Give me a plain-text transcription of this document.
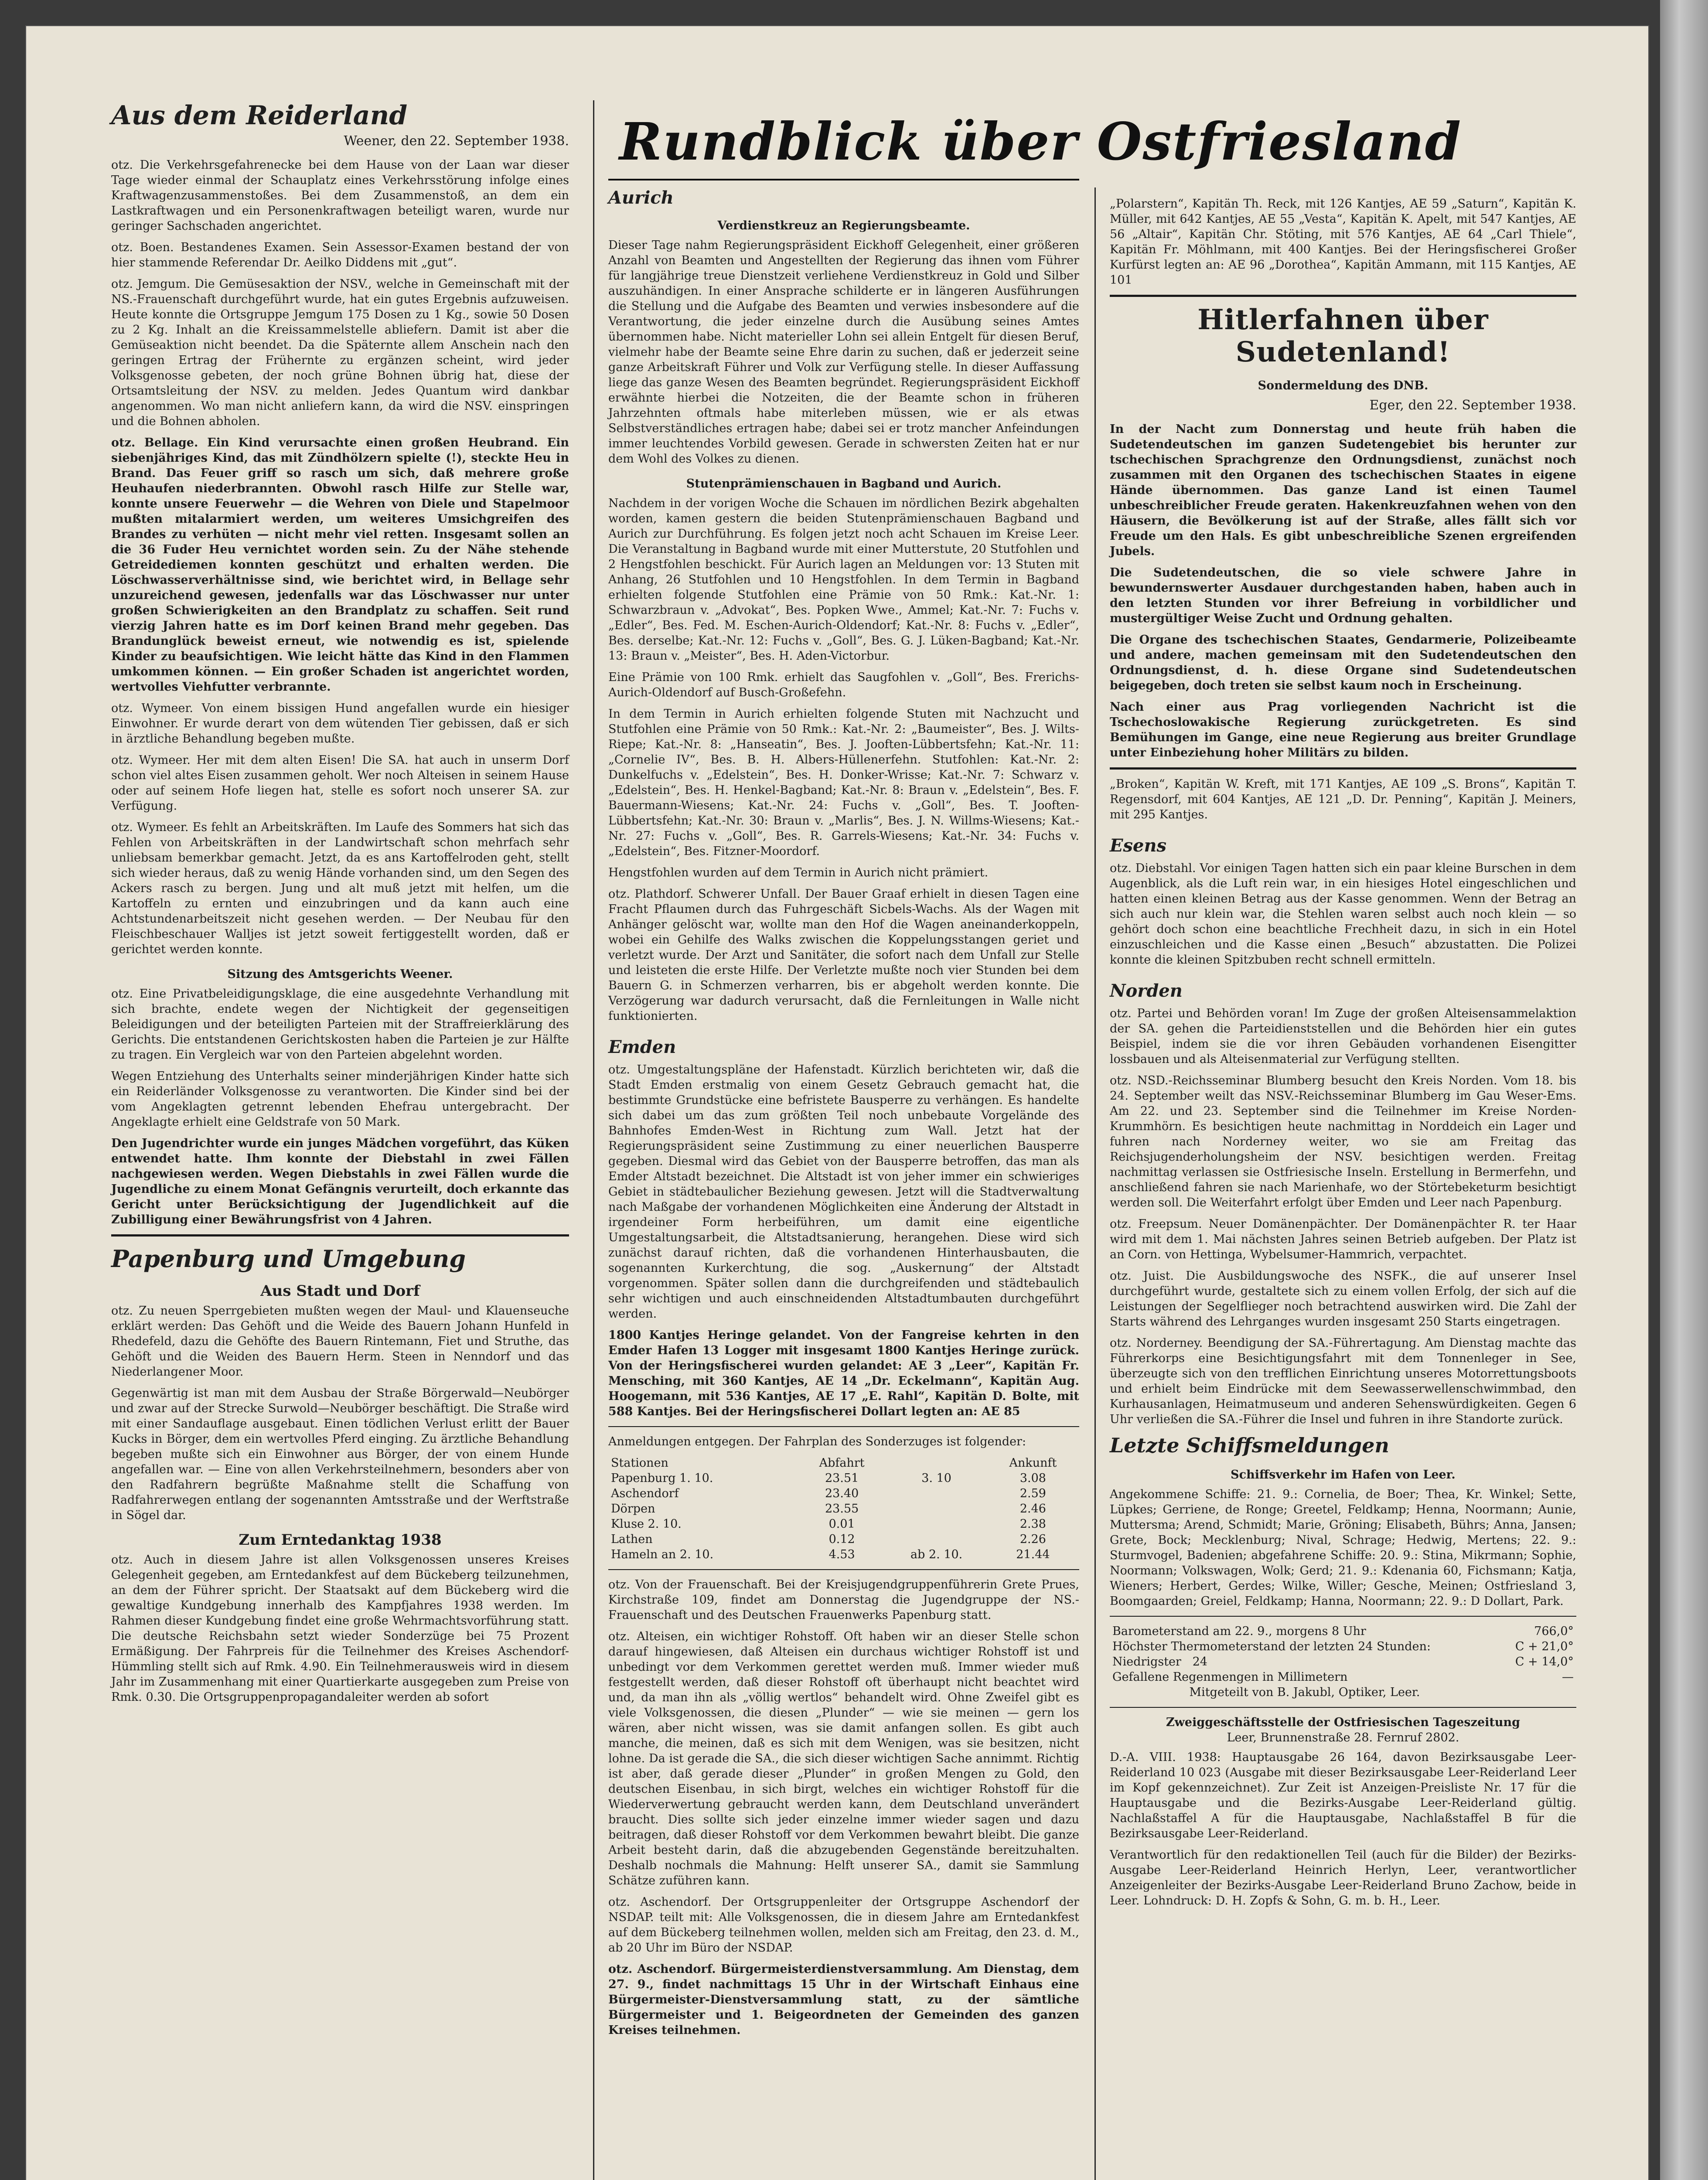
Rundblick über Ostfriesland
Aus dem Reiderland
Weener, den 22. September 1938.

otz. Die Verkehrsgefahrenecke bei dem Hause von der Laan war dieser Tage wieder einmal der Schauplatz eines Verkehrsstörung infolge eines Kraftwagenzusammenstoßes. Bei dem Zusammenstoß, an dem ein Lastkraftwagen und ein Personenkraftwagen beteiligt waren, wurde nur geringer Sachschaden angerichtet.

otz. Boen. Bestandenes Examen. Sein Assessor-Examen bestand der von hier stammende Referendar Dr. Aeilko Diddens mit „gut“.

otz. Jemgum. Die Gemüsesaktion der NSV., welche in Gemeinschaft mit der NS.-Frauenschaft durchgeführt wurde, hat ein gutes Ergebnis aufzuweisen. Heute konnte die Ortsgruppe Jemgum 175 Dosen zu 1 Kg., sowie 50 Dosen zu 2 Kg. Inhalt an die Kreissammelstelle abliefern. Damit ist aber die Gemüseaktion nicht beendet. Da die Späternte allem Anschein nach den geringen Ertrag der Frühernte zu ergänzen scheint, wird jeder Volksgenosse gebeten, der noch grüne Bohnen übrig hat, diese der Ortsamtsleitung der NSV. zu melden. Jedes Quantum wird dankbar angenommen. Wo man nicht anliefern kann, da wird die NSV. einspringen und die Bohnen abholen.

otz. Bellage. Ein Kind verursachte einen großen Heubrand. Ein siebenjähriges Kind, das mit Zündhölzern spielte (!), steckte Heu in Brand. Das Feuer griff so rasch um sich, daß mehrere große Heuhaufen niederbrannten. Obwohl rasch Hilfe zur Stelle war, konnte unsere Feuerwehr — die Wehren von Diele und Stapelmoor mußten mitalarmiert werden, um weiteres Umsichgreifen des Brandes zu verhüten — nicht mehr viel retten. Insgesamt sollen an die 36 Fuder Heu vernichtet worden sein. Zu der Nähe stehende Getreidediemen konnten geschützt und erhalten werden. Die Löschwasserverhältnisse sind, wie berichtet wird, in Bellage sehr unzureichend gewesen, jedenfalls war das Löschwasser nur unter großen Schwierigkeiten an den Brandplatz zu schaffen. Seit rund vierzig Jahren hatte es im Dorf keinen Brand mehr gegeben. Das Brandunglück beweist erneut, wie notwendig es ist, spielende Kinder zu beaufsichtigen. Wie leicht hätte das Kind in den Flammen umkommen können. — Ein großer Schaden ist angerichtet worden, wertvolles Viehfutter verbrannte.

otz. Wymeer. Von einem bissigen Hund angefallen wurde ein hiesiger Einwohner. Er wurde derart von dem wütenden Tier gebissen, daß er sich in ärztliche Behandlung begeben mußte.

otz. Wymeer. Her mit dem alten Eisen! Die SA. hat auch in unserm Dorf schon viel altes Eisen zusammen geholt. Wer noch Alteisen in seinem Hause oder auf seinem Hofe liegen hat, stelle es sofort noch unserer SA. zur Verfügung.

otz. Wymeer. Es fehlt an Arbeitskräften. Im Laufe des Sommers hat sich das Fehlen von Arbeitskräften in der Landwirtschaft schon mehrfach sehr unliebsam bemerkbar gemacht. Jetzt, da es ans Kartoffelroden geht, stellt sich wieder heraus, daß zu wenig Hände vorhanden sind, um den Segen des Ackers rasch zu bergen. Jung und alt muß jetzt mit helfen, um die Kartoffeln zu ernten und einzubringen und da kann auch eine Achtstundenarbeitszeit nicht gesehen werden. — Der Neubau für den Fleischbeschauer Walljes ist jetzt soweit fertiggestellt worden, daß er gerichtet werden konnte.

Sitzung des Amtsgerichts Weener.

otz. Eine Privatbeleidigungsklage, die eine ausgedehnte Verhandlung mit sich brachte, endete wegen der Nichtigkeit der gegenseitigen Beleidigungen und der beteiligten Parteien mit der Straffreierklärung des Gerichts. Die entstandenen Gerichtskosten haben die Parteien je zur Hälfte zu tragen. Ein Vergleich war von den Parteien abgelehnt worden.

Wegen Entziehung des Unterhalts seiner minderjährigen Kinder hatte sich ein Reiderländer Volksgenosse zu verantworten. Die Kinder sind bei der vom Angeklagten getrennt lebenden Ehefrau untergebracht. Der Angeklagte erhielt eine Geldstrafe von 50 Mark.

Den Jugendrichter wurde ein junges Mädchen vorgeführt, das Küken entwendet hatte. Ihm konnte der Diebstahl in zwei Fällen nachgewiesen werden. Wegen Diebstahls in zwei Fällen wurde die Jugendliche zu einem Monat Gefängnis verurteilt, doch erkannte das Gericht unter Berücksichtigung der Jugendlichkeit auf die Zubilligung einer Bewährungsfrist von 4 Jahren.

Papenburg und Umgebung
Aus Stadt und Dorf

otz. Zu neuen Sperrgebieten mußten wegen der Maul- und Klauenseuche erklärt werden: Das Gehöft und die Weide des Bauern Johann Hunfeld in Rhedefeld, dazu die Gehöfte des Bauern Rintemann, Fiet und Struthe, das Gehöft und die Weiden des Bauern Herm. Steen in Nenndorf und das Niederlangener Moor.

Gegenwärtig ist man mit dem Ausbau der Straße Börgerwald—Neubörger und zwar auf der Strecke Surwold—Neubörger beschäftigt. Die Straße wird mit einer Sandauflage ausgebaut. Einen tödlichen Verlust erlitt der Bauer Kucks in Börger, dem ein wertvolles Pferd einging. Zu ärztliche Behandlung begeben mußte sich ein Einwohner aus Börger, der von einem Hunde angefallen war. — Eine von allen Verkehrsteilnehmern, besonders aber von den Radfahrern begrüßte Maßnahme stellt die Schaffung von Radfahrerwegen entlang der sogenannten Amtsstraße und der Werftstraße in Sögel dar.

Zum Erntedanktag 1938

otz. Auch in diesem Jahre ist allen Volksgenossen unseres Kreises Gelegenheit gegeben, am Erntedankfest auf dem Bückeberg teilzunehmen, an dem der Führer spricht. Der Staatsakt auf dem Bückeberg wird die gewaltige Kundgebung innerhalb des Kampfjahres 1938 werden. Im Rahmen dieser Kundgebung findet eine große Wehrmachtsvorführung statt. Die deutsche Reichsbahn setzt wieder Sonderzüge bei 75 Prozent Ermäßigung. Der Fahrpreis für die Teilnehmer des Kreises Aschendorf-Hümmling stellt sich auf Rmk. 4.90. Ein Teilnehmerausweis wird in diesem Jahr im Zusammenhang mit einer Quartierkarte ausgegeben zum Preise von Rmk. 0.30. Die Ortsgruppenpropagandaleiter werden ab sofort

Aurich
Verdienstkreuz an Regierungsbeamte.

Dieser Tage nahm Regierungspräsident Eickhoff Gelegenheit, einer größeren Anzahl von Beamten und Angestellten der Regierung das ihnen vom Führer für langjährige treue Dienstzeit verliehene Verdienstkreuz in Gold und Silber auszuhändigen. In einer Ansprache schilderte er in längeren Ausführungen die Stellung und die Aufgabe des Beamten und verwies insbesondere auf die Verantwortung, die jeder einzelne durch die Ausübung seines Amtes übernommen habe. Nicht materieller Lohn sei allein Entgelt für diesen Beruf, vielmehr habe der Beamte seine Ehre darin zu suchen, daß er jederzeit seine ganze Arbeitskraft Führer und Volk zur Verfügung stelle. In dieser Auffassung liege das ganze Wesen des Beamten begründet. Regierungspräsident Eickhoff erwähnte hierbei die Notzeiten, die der Beamte schon in früheren Jahrzehnten oftmals habe miterleben müssen, wie er als etwas Selbstverständliches ertragen habe; dabei sei er trotz mancher Anfeindungen immer leuchtendes Vorbild gewesen. Gerade in schwersten Zeiten hat er nur dem Wohl des Volkes zu dienen.

Stutenprämienschauen in Bagband und Aurich.

Nachdem in der vorigen Woche die Schauen im nördlichen Bezirk abgehalten worden, kamen gestern die beiden Stutenprämienschauen Bagband und Aurich zur Durchführung. Es folgen jetzt noch acht Schauen im Kreise Leer. Die Veranstaltung in Bagband wurde mit einer Mutterstute, 20 Stutfohlen und 2 Hengstfohlen beschickt. Für Aurich lagen an Meldungen vor: 13 Stuten mit Anhang, 26 Stutfohlen und 10 Hengstfohlen. In dem Termin in Bagband erhielten folgende Stutfohlen eine Prämie von 50 Rmk.: Kat.-Nr. 1: Schwarzbraun v. „Advokat“, Bes. Popken Wwe., Ammel; Kat.-Nr. 7: Fuchs v. „Edler“, Bes. Fed. M. Eschen-Aurich-Oldendorf; Kat.-Nr. 8: Fuchs v. „Edler“, Bes. derselbe; Kat.-Nr. 12: Fuchs v. „Goll“, Bes. G. J. Lüken-Bagband; Kat.-Nr. 13: Braun v. „Meister“, Bes. H. Aden-Victorbur.

Eine Prämie von 100 Rmk. erhielt das Saugfohlen v. „Goll“, Bes. Frerichs-Aurich-Oldendorf auf Busch-Großefehn.

In dem Termin in Aurich erhielten folgende Stuten mit Nachzucht und Stutfohlen eine Prämie von 50 Rmk.: Kat.-Nr. 2: „Baumeister“, Bes. J. Wilts-Riepe; Kat.-Nr. 8: „Hanseatin“, Bes. J. Jooften-Lübbertsfehn; Kat.-Nr. 11: „Cornelie IV“, Bes. B. H. Albers-Hüllenerfehn. Stutfohlen: Kat.-Nr. 2: Dunkelfuchs v. „Edelstein“, Bes. H. Donker-Wrisse; Kat.-Nr. 7: Schwarz v. „Edelstein“, Bes. H. Henkel-Bagband; Kat.-Nr. 8: Braun v. „Edelstein“, Bes. F. Bauermann-Wiesens; Kat.-Nr. 24: Fuchs v. „Goll“, Bes. T. Jooften-Lübbertsfehn; Kat.-Nr. 30: Braun v. „Marlis“, Bes. J. N. Willms-Wiesens; Kat.-Nr. 27: Fuchs v. „Goll“, Bes. R. Garrels-Wiesens; Kat.-Nr. 34: Fuchs v. „Edelstein“, Bes. Fitzner-Moordorf.

Hengstfohlen wurden auf dem Termin in Aurich nicht prämiert.

otz. Plathdorf. Schwerer Unfall. Der Bauer Graaf erhielt in diesen Tagen eine Fracht Pflaumen durch das Fuhrgeschäft Sicbels-Wachs. Als der Wagen mit Anhänger gelöscht war, wollte man den Hof die Wagen aneinanderkoppeln, wobei ein Gehilfe des Walks zwischen die Koppelungsstangen geriet und verletzt wurde. Der Arzt und Sanitäter, die sofort nach dem Unfall zur Stelle und leisteten die erste Hilfe. Der Verletzte mußte noch vier Stunden bei dem Bauern G. in Schmerzen verharren, bis er abgeholt werden konnte. Die Verzögerung war dadurch verursacht, daß die Fernleitungen in Walle nicht funktionierten.

Emden

otz. Umgestaltungspläne der Hafenstadt. Kürzlich berichteten wir, daß die Stadt Emden erstmalig von einem Gesetz Gebrauch gemacht hat, die bestimmte Grundstücke eine befristete Bausperre zu verhängen. Es handelte sich dabei um das zum größten Teil noch unbebaute Vorgelände des Bahnhofes Emden-West in Richtung zum Wall. Jetzt hat der Regierungspräsident seine Zustimmung zu einer neuerlichen Bausperre gegeben. Diesmal wird das Gebiet von der Bausperre betroffen, das man als Emder Altstadt bezeichnet. Die Altstadt ist von jeher immer ein schwieriges Gebiet in städtebaulicher Beziehung gewesen. Jetzt will die Stadtverwaltung nach Maßgabe der vorhandenen Möglichkeiten eine Änderung der Altstadt in irgendeiner Form herbeiführen, um damit eine eigentliche Umgestaltungsarbeit, die Altstadtsanierung, herangehen. Diese wird sich zunächst darauf richten, daß die vorhandenen Hinterhausbauten, die sogenannten Kurkerchtung, die sog. „Auskernung“ der Altstadt vorgenommen. Später sollen dann die durchgreifenden und städtebaulich sehr wichtigen und auch einschneidenden Altstadtumbauten durchgeführt werden.

1800 Kantjes Heringe gelandet. Von der Fangreise kehrten in den Emder Hafen 13 Logger mit insgesamt 1800 Kantjes Heringe zurück. Von der Heringsfischerei wurden gelandet: AE 3 „Leer“, Kapitän Fr. Mensching, mit 360 Kantjes, AE 14 „Dr. Eckelmann“, Kapitän Aug. Hoogemann, mit 536 Kantjes, AE 17 „E. Rahl“, Kapitän D. Bolte, mit 588 Kantjes. Bei der Heringsfischerei Dollart legten an: AE 85

Anmeldungen entgegen. Der Fahrplan des Sonderzuges ist folgender:

Stationen	Abfahrt		Ankunft
Papenburg 1. 10.	23.51	3. 10	3.08
Aschendorf	23.40		2.59
Dörpen	23.55		2.46
Kluse 2. 10.	0.01		2.38
Lathen	0.12		2.26
Hameln an 2. 10.	4.53	ab 2. 10.	21.44

otz. Von der Frauenschaft. Bei der Kreisjugendgruppenführerin Grete Prues, Kirchstraße 109, findet am Donnerstag die Jugendgruppe der NS.-Frauenschaft und des Deutschen Frauenwerks Papenburg statt.

otz. Alteisen, ein wichtiger Rohstoff. Oft haben wir an dieser Stelle schon darauf hingewiesen, daß Alteisen ein durchaus wichtiger Rohstoff ist und unbedingt vor dem Verkommen gerettet werden muß. Immer wieder muß festgestellt werden, daß dieser Rohstoff oft überhaupt nicht beachtet wird und, da man ihn als „völlig wertlos“ behandelt wird. Ohne Zweifel gibt es viele Volksgenossen, die diesen „Plunder“ — wie sie meinen — gern los wären, aber nicht wissen, was sie damit anfangen sollen. Es gibt auch manche, die meinen, daß es sich mit dem Wenigen, was sie besitzen, nicht lohne. Da ist gerade die SA., die sich dieser wichtigen Sache annimmt. Richtig ist aber, daß gerade dieser „Plunder“ in großen Mengen zu Gold, den deutschen Eisenbau, in sich birgt, welches ein wichtiger Rohstoff für die Wiederverwertung gebraucht werden kann, dem Deutschland unverändert braucht. Dies sollte sich jeder einzelne immer wieder sagen und dazu beitragen, daß dieser Rohstoff vor dem Verkommen bewahrt bleibt. Die ganze Arbeit besteht darin, daß die abzugebenden Gegenstände bereitzuhalten. Deshalb nochmals die Mahnung: Helft unserer SA., damit sie Sammlung Schätze zuführen kann.

otz. Aschendorf. Der Ortsgruppenleiter der Ortsgruppe Aschendorf der NSDAP. teilt mit: Alle Volksgenossen, die in diesem Jahre am Erntedankfest auf dem Bückeberg teilnehmen wollen, melden sich am Freitag, den 23. d. M., ab 20 Uhr im Büro der NSDAP.

otz. Aschendorf. Bürgermeisterdienstversammlung. Am Dienstag, dem 27. 9., findet nachmittags 15 Uhr in der Wirtschaft Einhaus eine Bürgermeister-Dienstversammlung statt, zu der sämtliche Bürgermeister und 1. Beigeordneten der Gemeinden des ganzen Kreises teilnehmen.

„Polarstern“, Kapitän Th. Reck, mit 126 Kantjes, AE 59 „Saturn“, Kapitän K. Müller, mit 642 Kantjes, AE 55 „Vesta“, Kapitän K. Apelt, mit 547 Kantjes, AE 56 „Altair“, Kapitän Chr. Stöting, mit 576 Kantjes, AE 64 „Carl Thiele“, Kapitän Fr. Möhlmann, mit 400 Kantjes. Bei der Heringsfischerei Großer Kurfürst legten an: AE 96 „Dorothea“, Kapitän Ammann, mit 115 Kantjes, AE 101

Hitlerfahnen über Sudetenland!
Sondermeldung des DNB.
Eger, den 22. September 1938.

In der Nacht zum Donnerstag und heute früh haben die Sudetendeutschen im ganzen Sudetengebiet bis herunter zur tschechischen Sprachgrenze den Ordnungsdienst, zunächst noch zusammen mit den Organen des tschechischen Staates in eigene Hände übernommen. Das ganze Land ist einen Taumel unbeschreiblicher Freude geraten. Hakenkreuzfahnen wehen von den Häusern, die Bevölkerung ist auf der Straße, alles fällt sich vor Freude um den Hals. Es gibt unbeschreibliche Szenen ergreifenden Jubels.

Die Sudetendeutschen, die so viele schwere Jahre in bewundernswerter Ausdauer durchgestanden haben, haben auch in den letzten Stunden vor ihrer Befreiung in vorbildlicher und mustergültiger Weise Zucht und Ordnung gehalten.

Die Organe des tschechischen Staates, Gendarmerie, Polizeibeamte und andere, machen gemeinsam mit den Sudetendeutschen den Ordnungsdienst, d. h. diese Organe sind Sudetendeutschen beigegeben, doch treten sie selbst kaum noch in Erscheinung.

Nach einer aus Prag vorliegenden Nachricht ist die Tschechoslowakische Regierung zurückgetreten. Es sind Bemühungen im Gange, eine neue Regierung aus breiter Grundlage unter Einbeziehung hoher Militärs zu bilden.

„Broken“, Kapitän W. Kreft, mit 171 Kantjes, AE 109 „S. Brons“, Kapitän T. Regensdorf, mit 604 Kantjes, AE 121 „D. Dr. Penning“, Kapitän J. Meiners, mit 295 Kantjes.

Esens

otz. Diebstahl. Vor einigen Tagen hatten sich ein paar kleine Burschen in dem Augenblick, als die Luft rein war, in ein hiesiges Hotel eingeschlichen und hatten einen kleinen Betrag aus der Kasse genommen. Wenn der Betrag an sich auch nur klein war, die Stehlen waren selbst auch noch klein — so gehört doch schon eine beachtliche Frechheit dazu, in sich in ein Hotel einzuschleichen und die Kasse einen „Besuch“ abzustatten. Die Polizei konnte die kleinen Spitzbuben recht schnell ermitteln.

Norden

otz. Partei und Behörden voran! Im Zuge der großen Alteisensammelaktion der SA. gehen die Parteidienststellen und die Behörden hier ein gutes Beispiel, indem sie die vor ihren Gebäuden vorhandenen Eisengitter lossbauen und als Alteisenmaterial zur Verfügung stellten.

otz. NSD.-Reichsseminar Blumberg besucht den Kreis Norden. Vom 18. bis 24. September weilt das NSV.-Reichsseminar Blumberg im Gau Weser-Ems. Am 22. und 23. September sind die Teilnehmer im Kreise Norden-Krummhörn. Es besichtigen heute nachmittag in Norddeich ein Lager und fuhren nach Norderney weiter, wo sie am Freitag das Reichsjugenderholungsheim der NSV. besichtigen werden. Freitag nachmittag verlassen sie Ostfriesische Inseln. Erstellung in Bermerfehn, und anschließend fahren sie nach Marienhafe, wo der Störtebeketurm besichtigt werden soll. Die Weiterfahrt erfolgt über Emden und Leer nach Papenburg.

otz. Freepsum. Neuer Domänenpächter. Der Domänenpächter R. ter Haar wird mit dem 1. Mai nächsten Jahres seinen Betrieb aufgeben. Der Platz ist an Corn. von Hettinga, Wybelsumer-Hammrich, verpachtet.

otz. Juist. Die Ausbildungswoche des NSFK., die auf unserer Insel durchgeführt wurde, gestaltete sich zu einem vollen Erfolg, der sich auf die Leistungen der Segelflieger noch betrachtend auswirken wird. Die Zahl der Starts während des Lehrganges wurden insgesamt 250 Starts eingetragen.

otz. Norderney. Beendigung der SA.-Führertagung. Am Dienstag machte das Führerkorps eine Besichtigungsfahrt mit dem Tonnenleger in See, überzeugte sich von den trefflichen Einrichtung unseres Motorrettungsboots und erhielt beim Eindrücke mit dem Seewasserwellenschwimmbad, den Kurhausanlagen, Heimatmuseum und anderen Sehenswürdigkeiten. Gegen 6 Uhr verließen die SA.-Führer die Insel und fuhren in ihre Standorte zurück.

Letzte Schiffsmeldungen
Schiffsverkehr im Hafen von Leer.

Angekommene Schiffe: 21. 9.: Cornelia, de Boer; Thea, Kr. Winkel; Sette, Lüpkes; Gerriene, de Ronge; Greetel, Feldkamp; Henna, Noormann; Aunie, Muttersma; Arend, Schmidt; Marie, Gröning; Elisabeth, Bührs; Anna, Jansen; Grete, Bock; Mecklenburg; Nival, Schrage; Hedwig, Mertens; 22. 9.: Sturmvogel, Badenien; abgefahrene Schiffe: 20. 9.: Stina, Mikrmann; Sophie, Noormann; Volkswagen, Wolk; Gerd; 21. 9.: Kdenania 60, Fichsmann; Katja, Wieners; Herbert, Gerdes; Wilke, Willer; Gesche, Meinen; Ostfriesland 3, Boomgaarden; Greiel, Feldkamp; Hanna, Noormann; 22. 9.: D Dollart, Park.

Barometerstand am 22. 9., morgens 8 Uhr	766,0°
Höchster Thermometerstand der letzten 24 Stunden:	C + 21,0°
Niedrigster 24	C + 14,0°
Gefallene Regenmengen in Millimetern	—
Mitgeteilt von B. Jakubl, Optiker, Leer.	
Zweiggeschäftsstelle der Ostfriesischen Tageszeitung
Leer, Brunnenstraße 28. Fernruf 2802.

D.-A. VIII. 1938: Hauptausgabe 26 164, davon Bezirksausgabe Leer-Reiderland 10 023 (Ausgabe mit dieser Bezirksausgabe Leer-Reiderland Leer im Kopf gekennzeichnet). Zur Zeit ist Anzeigen-Preisliste Nr. 17 für die Hauptausgabe und die Bezirks-Ausgabe Leer-Reiderland gültig. Nachlaßstaffel A für die Hauptausgabe, Nachlaßstaffel B für die Bezirksausgabe Leer-Reiderland.

Verantwortlich für den redaktionellen Teil (auch für die Bilder) der Bezirks-Ausgabe Leer-Reiderland Heinrich Herlyn, Leer, verantwortlicher Anzeigenleiter der Bezirks-Ausgabe Leer-Reiderland Bruno Zachow, beide in Leer. Lohndruck: D. H. Zopfs & Sohn, G. m. b. H., Leer.
